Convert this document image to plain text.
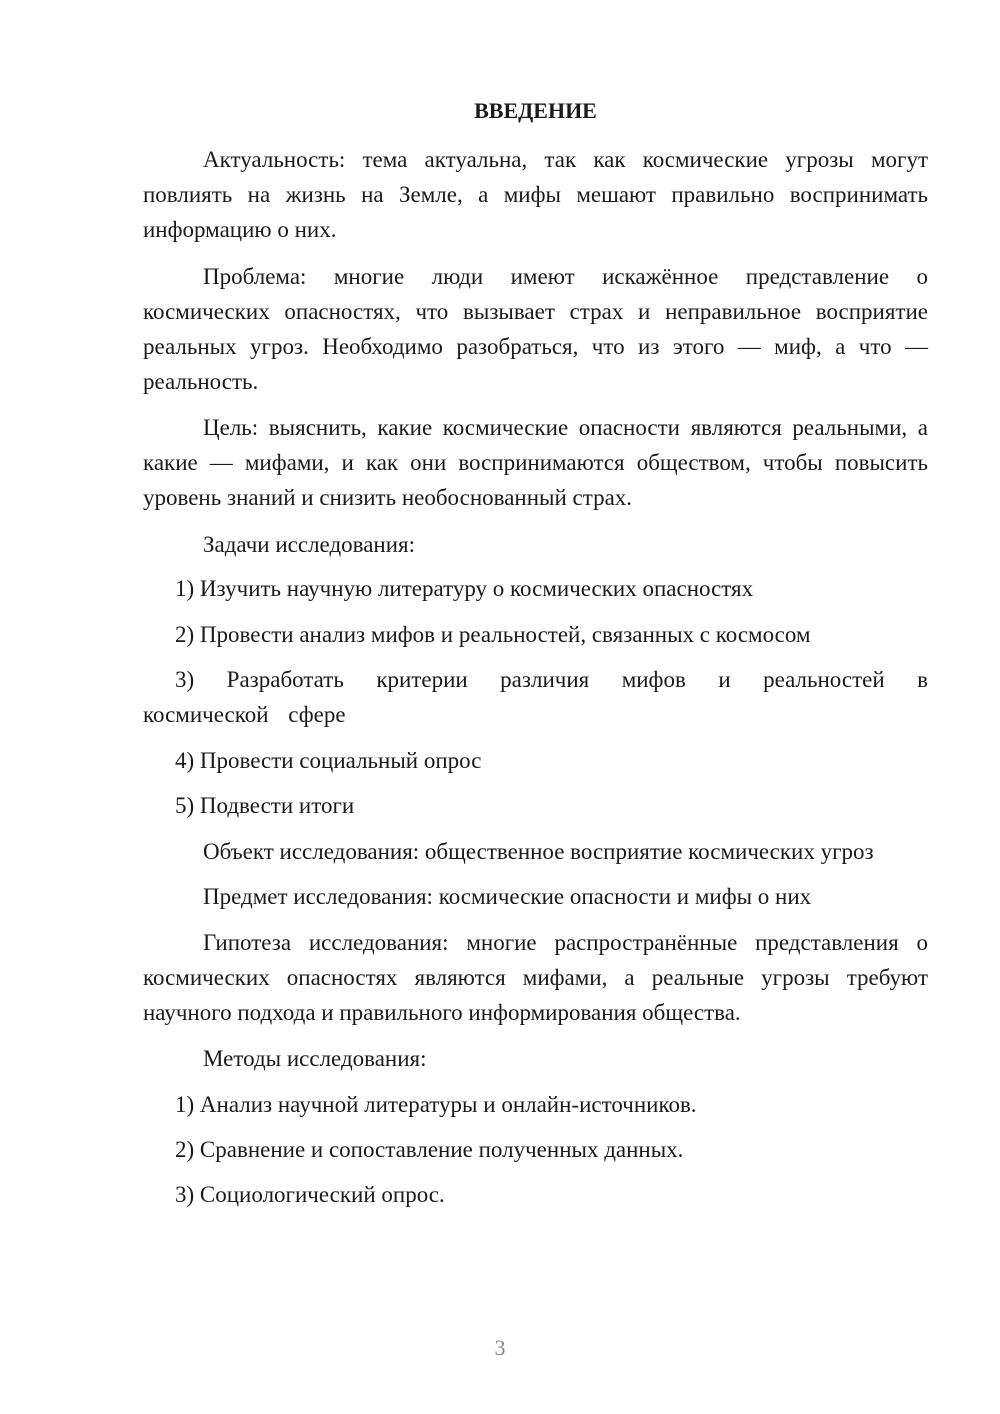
ВВЕДЕНИЕ

Актуальность: тема актуальна, так как космические угрозы могут повлиять на жизнь на Земле, а мифы мешают правильно воспринимать информацию о них.

Проблема: многие люди имеют искажённое представление о космических опасностях, что вызывает страх и неправильное восприятие реальных угроз. Необходимо разобраться, что из этого — миф, а что — реальность.

Цель: выяснить, какие космические опасности являются реальными, а какие — мифами, и как они воспринимаются обществом, чтобы повысить уровень знаний и снизить необоснованный страх.

Задачи исследования:

1) Изучить научную литературу о космических опасностях

2) Провести анализ мифов и реальностей, связанных с космосом

3) Разработать критерии различия мифов и реальностей в космической сфере

4) Провести социальный опрос

5) Подвести итоги

Объект исследования: общественное восприятие космических угроз

Предмет исследования: космические опасности и мифы о них

Гипотеза исследования: многие распространённые представления о космических опасностях являются мифами, а реальные угрозы требуют научного подхода и правильного информирования общества.

Методы исследования:

1) Анализ научной литературы и онлайн-источников.

2) Сравнение и сопоставление полученных данных.

3) Социологический опрос.

3
